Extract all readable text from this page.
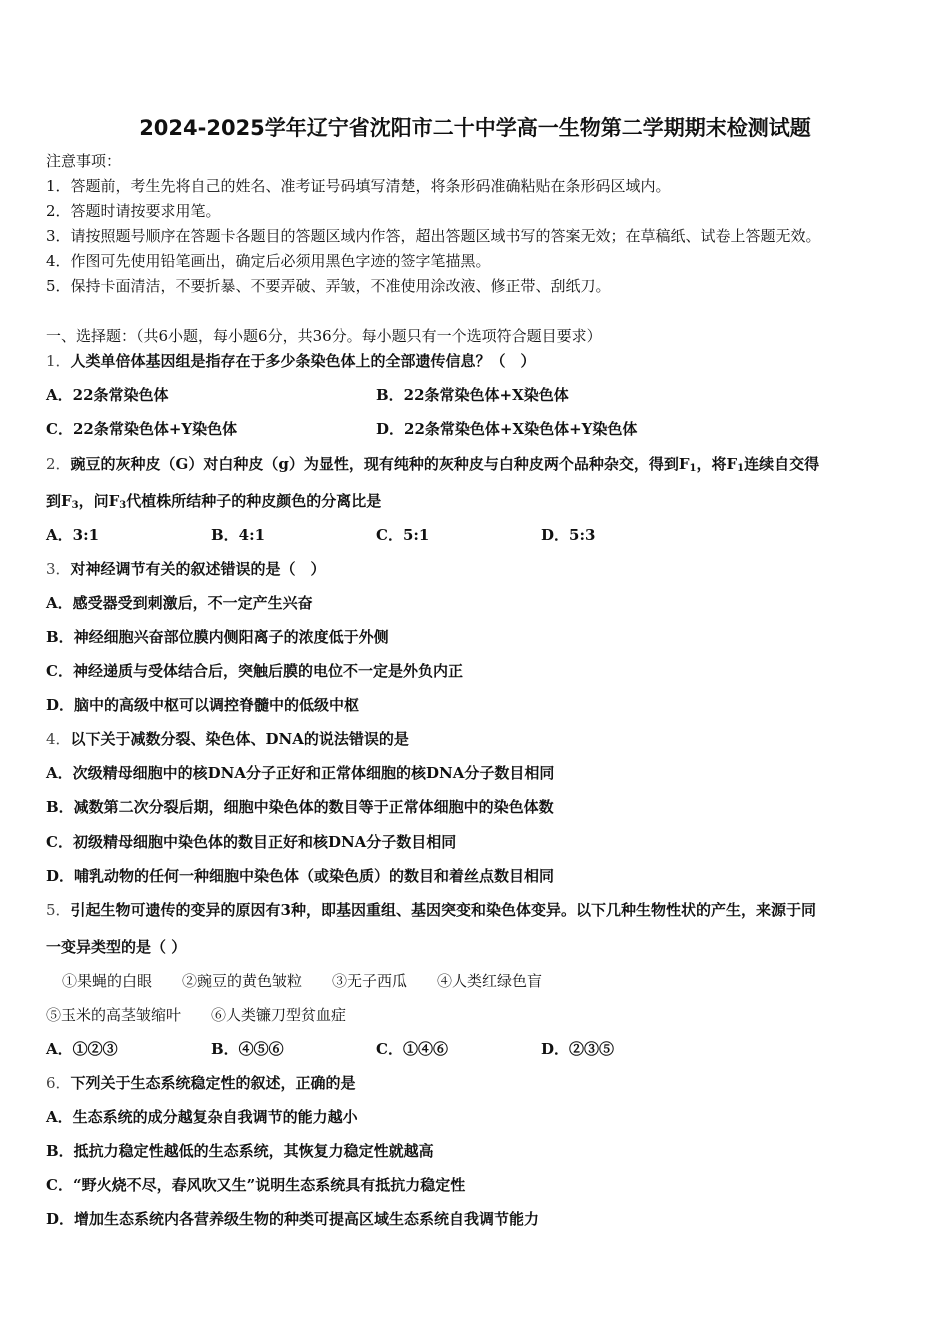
2024-2025学年辽宁省沈阳市二十中学高一生物第二学期期末检测试题
注意事项：
1．答题前，考生先将自己的姓名、准考证号码填写清楚，将条形码准确粘贴在条形码区域内。
2．答题时请按要求用笔。
3．请按照题号顺序在答题卡各题目的答题区域内作答，超出答题区域书写的答案无效；在草稿纸、试卷上答题无效。
4．作图可先使用铅笔画出，确定后必须用黑色字迹的签字笔描黑。
5．保持卡面清洁，不要折暴、不要弄破、弄皱，不准使用涂改液、修正带、刮纸刀。
一、选择题：（共6小题，每小题6分，共36分。每小题只有一个选项符合题目要求）
1．人类单倍体基因组是指存在于多少条染色体上的全部遗传信息？（　）
A．22条常染色体	B．22条常染色体+X染色体
C．22条常染色体+Y染色体	D．22条常染色体+X染色体+Y染色体
2．豌豆的灰种皮（G）对白种皮（g）为显性，现有纯种的灰种皮与白种皮两个品种杂交，得到$F_1$，将$F_1$连续自交得
到$F_3$，问$F_3$代植株所结种子的种皮颜色的分离比是
A．3:1	B．4:1	C．5:1	D．5:3
3．对神经调节有关的叙述错误的是（　）
A．感受器受到刺激后，不一定产生兴奋
B．神经细胞兴奋部位膜内侧阳离子的浓度低于外侧
C．神经递质与受体结合后，突触后膜的电位不一定是外负内正
D．脑中的高级中枢可以调控脊髓中的低级中枢
4．以下关于减数分裂、染色体、DNA的说法错误的是
A．次级精母细胞中的核DNA分子正好和正常体细胞的核DNA分子数目相同
B．减数第二次分裂后期，细胞中染色体的数目等于正常体细胞中的染色体数
C．初级精母细胞中染色体的数目正好和核DNA分子数目相同
D．哺乳动物的任何一种细胞中染色体（或染色质）的数目和着丝点数目相同
5．引起生物可遗传的变异的原因有3种，即基因重组、基因突变和染色体变异。以下几种生物性状的产生，来源于同
一变异类型的是（ ）
①果蝇的白眼　　②豌豆的黄色皱粒　　③无子西瓜　　④人类红绿色盲
⑤玉米的高茎皱缩叶　　⑥人类镰刀型贫血症
A．①②③	B．④⑤⑥	C．①④⑥	D．②③⑤
6．下列关于生态系统稳定性的叙述，正确的是
A．生态系统的成分越复杂自我调节的能力越小
B．抵抗力稳定性越低的生态系统，其恢复力稳定性就越高
C．“野火烧不尽，春风吹又生”说明生态系统具有抵抗力稳定性
D．增加生态系统内各营养级生物的种类可提高区域生态系统自我调节能力
